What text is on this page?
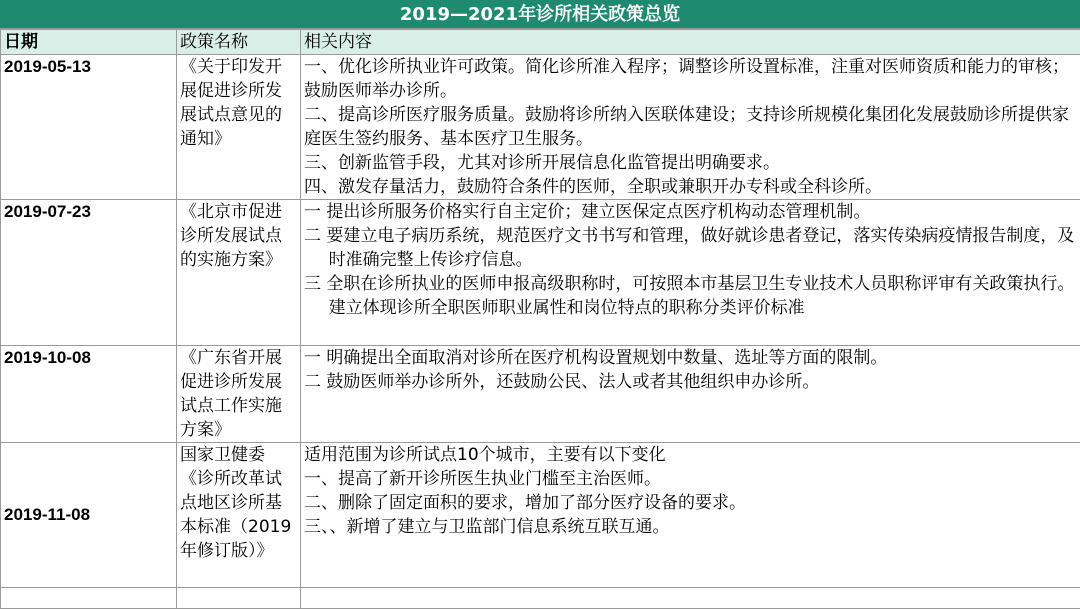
2019—2021年诊所相关政策总览
日期	政策名称	相关内容
2019-05-13	《关于印发开展促进诊所发展试点意见的通知》	一、优化诊所执业许可政策。简化诊所准入程序；调整诊所设置标准，注重对医师资质和能力的审核；鼓励医师举办诊所。
二、提高诊所医疗服务质量。鼓励将诊所纳入医联体建设；支持诊所规模化集团化发展鼓励诊所提供家庭医生签约服务、基本医疗卫生服务。
三、创新监管手段，尤其对诊所开展信息化监管提出明确要求。
四、激发存量活力，鼓励符合条件的医师，全职或兼职开办专科或全科诊所。

2019-07-23	《北京市促进诊所发展试点的实施方案》	一 提出诊所服务价格实行自主定价；建立医保定点医疗机构动态管理机制。
二 要建立电子病历系统，规范医疗文书书写和管理，做好就诊患者登记，落实传染病疫情报告制度，及时准确完整上传诊疗信息。
三 全职在诊所执业的医师申报高级职称时，可按照本市基层卫生专业技术人员职称评审有关政策执行。建立体现诊所全职医师职业属性和岗位特点的职称分类评价标准

2019-10-08	《广东省开展促进诊所发展试点工作实施方案》	一 明确提出全面取消对诊所在医疗机构设置规划中数量、选址等方面的限制。
二 鼓励医师举办诊所外，还鼓励公民、法人或者其他组织申办诊所。

2019-11-08	国家卫健委《诊所改革试点地区诊所基本标准（2019年修订版）》	适用范围为诊所试点10个城市，主要有以下变化
一、提高了新开诊所医生执业门槛至主治医师。
二、删除了固定面积的要求，增加了部分医疗设备的要求。
三、、新增了建立与卫监部门信息系统互联互通。
